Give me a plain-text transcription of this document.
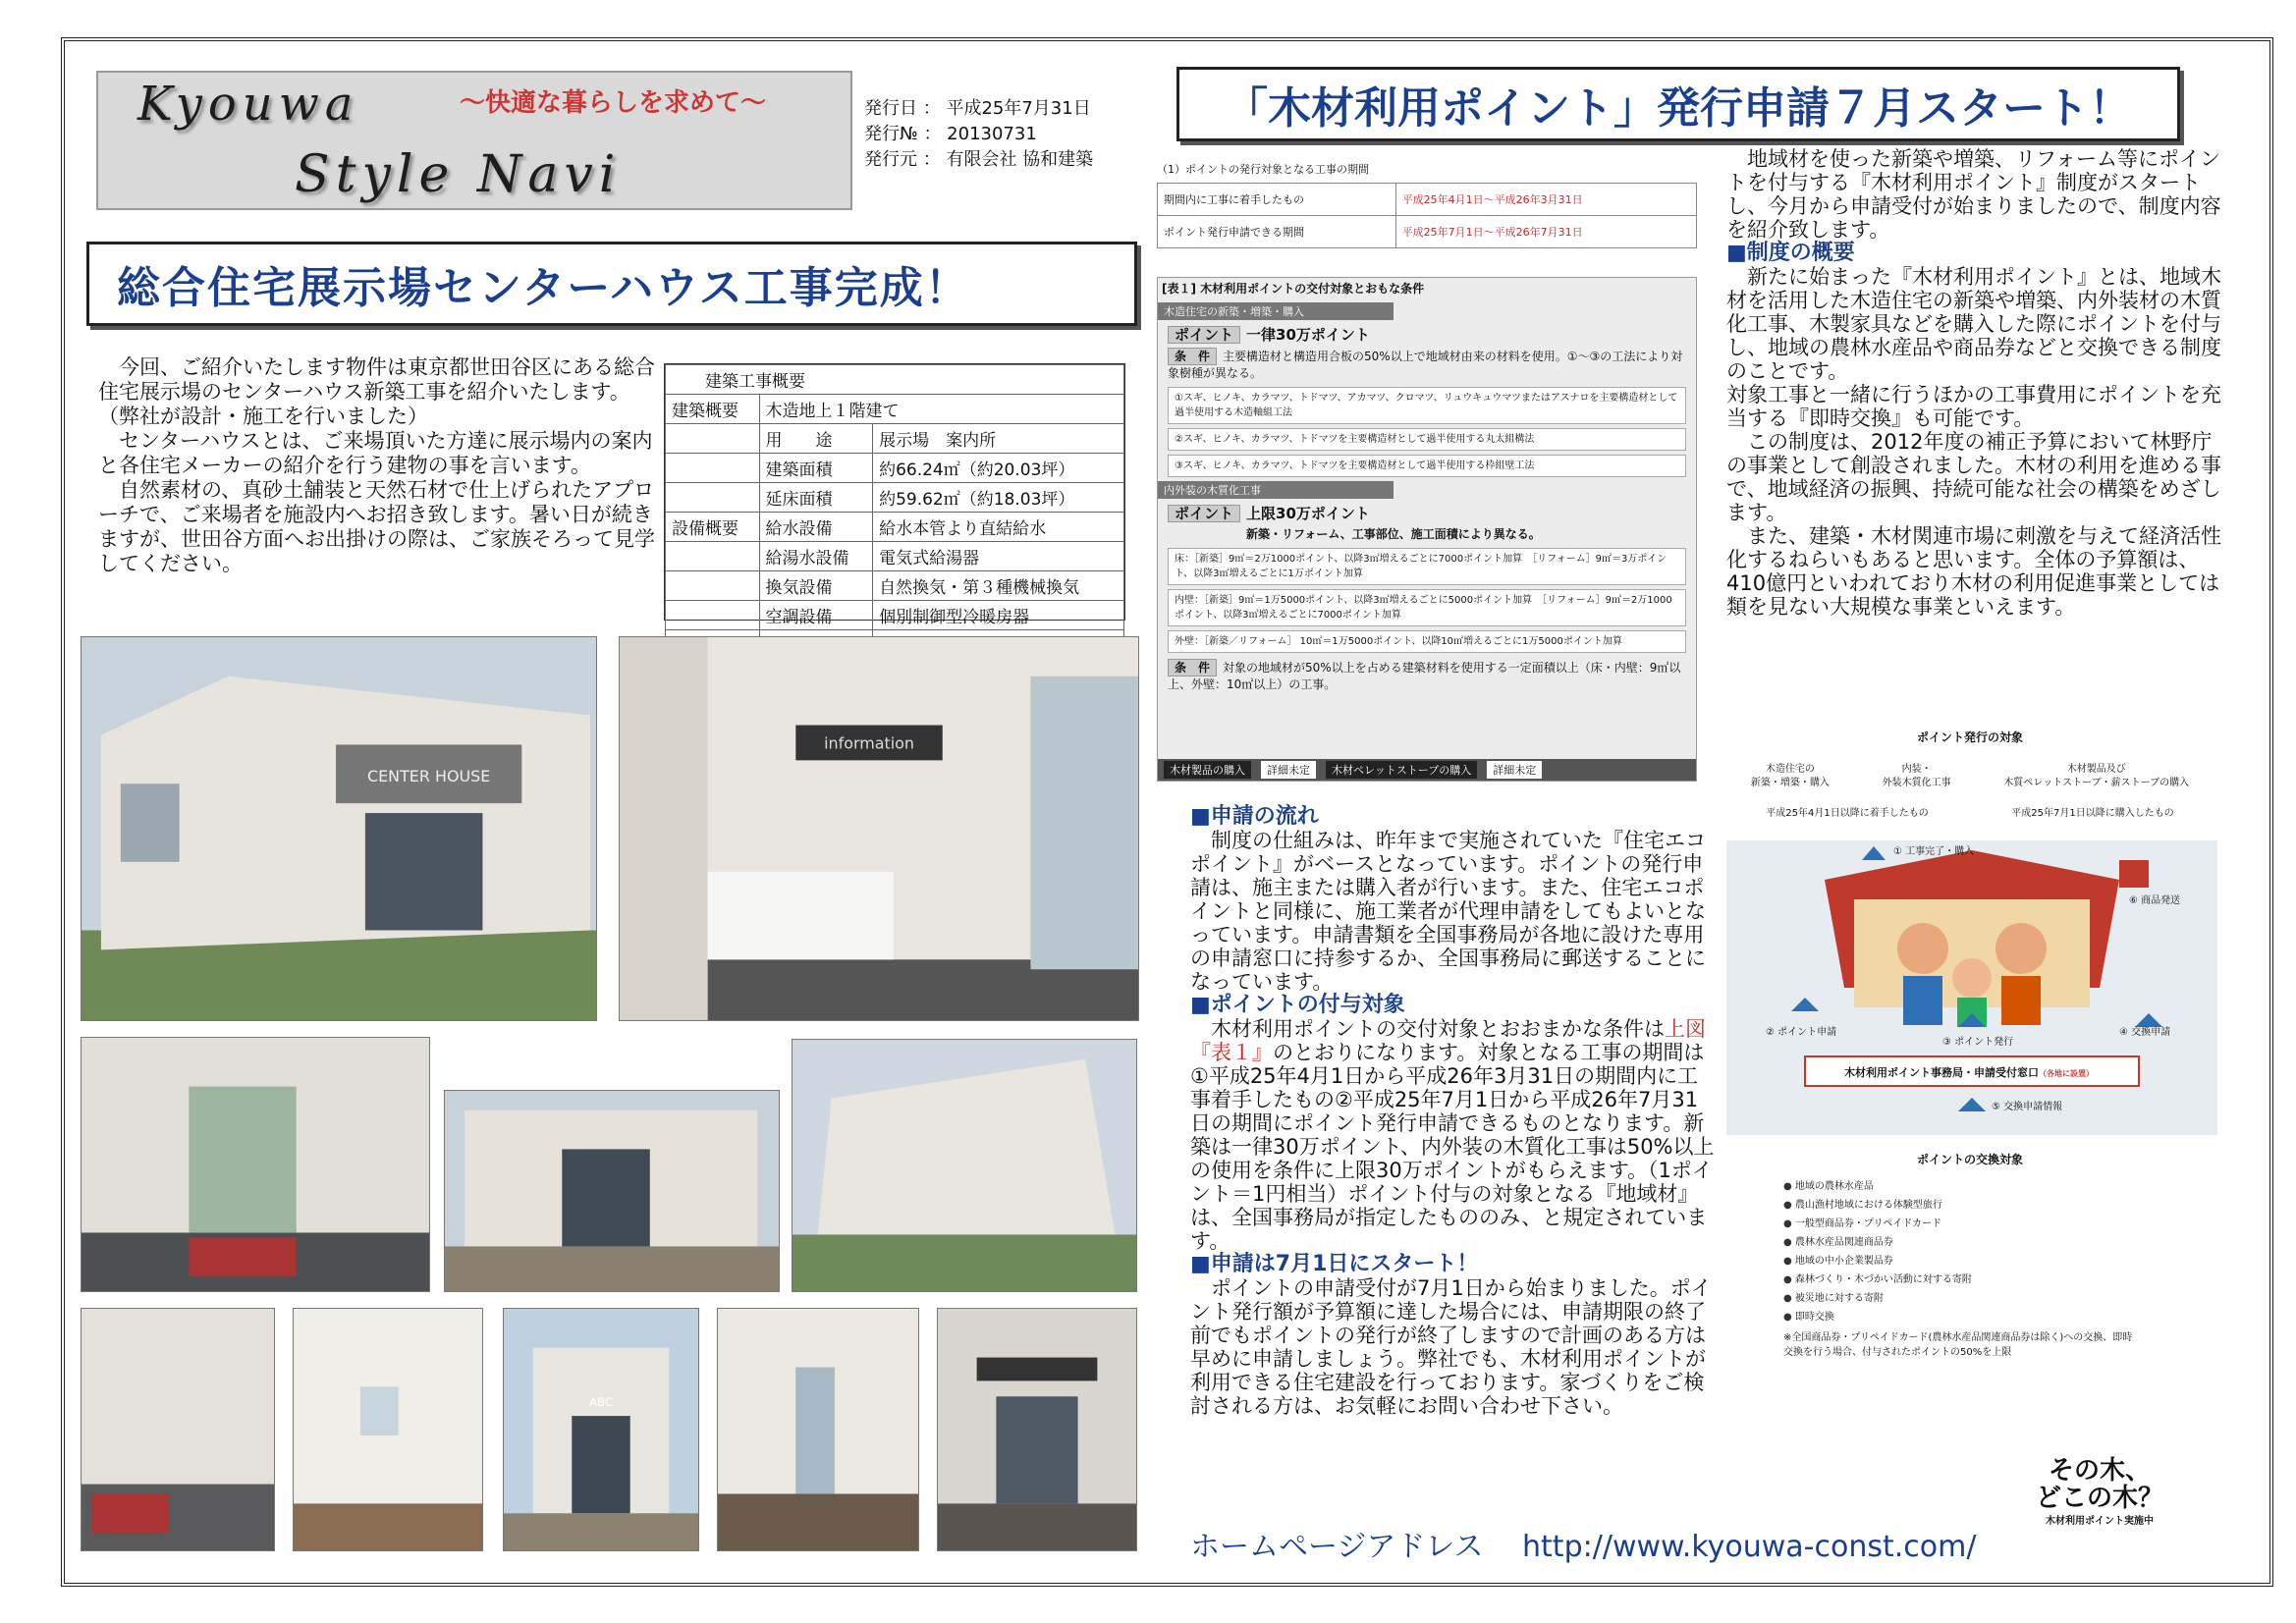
Kyouwa
Style Navi
～快適な暮らしを求めて～	発行日 ： 平成25年7月31日
発行№ ： 20130731
発行元 ： 有限会社 協和建築
総合住宅展示場センターハウス工事完成！

今回、ご紹介いたします物件は東京都世田谷区にある総合住宅展示場のセンターハウス新築工事を紹介いたします。（弊社が設計・施工を行いました）

センターハウスとは、ご来場頂いた方達に展示場内の案内と各住宅メーカーの紹介を行う建物の事を言います。

自然素材の、真砂土舗装と天然石材で仕上げられたアプローチで、ご来場者を施設内へお招き致します。暑い日が続きますが、世田谷方面へお出掛けの際は、ご家族そろって見学してください。

建築工事概要		
建築概要	木造地上１階建て	
	用　　途	展示場　案内所
	建築面積	約66.24㎡（約20.03坪）
	延床面積	約59.62㎡（約18.03坪）
設備概要	給水設備	給水本管より直結給水
	給湯水設備	電気式給湯器
	換気設備	自然換気・第３種機械換気
	空調設備	個別制御型冷暖房器

CENTER HOUSE
information
ABC
「木材利用ポイント」発行申請７月スタート！
（1）ポイントの発行対象となる工事の期間
期間内に工事に着手したもの	平成25年4月1日～平成26年3月31日
ポイント発行申請できる期間	平成25年7月1日～平成26年7月31日
[表１] 木材利用ポイントの交付対象とおもな条件
木造住宅の新築・増築・購入
ポイント 一律30万ポイント
条　件 主要構造材と構造用合板の50%以上で地域材由来の材料を使用。①～③の工法により対象樹種が異なる。
①スギ、ヒノキ、カラマツ、トドマツ、アカマツ、クロマツ、リュウキュウマツまたはアスナロを主要構造材として過半使用する木造軸組工法
②スギ、ヒノキ、カラマツ、トドマツを主要構造材として過半使用する丸太組構法
③スギ、ヒノキ、カラマツ、トドマツを主要構造材として過半使用する枠組壁工法
内外装の木質化工事
ポイント 上限30万ポイント
新築・リフォーム、工事部位、施工面積により異なる。
床：［新築］9㎡＝2万1000ポイント、以降3㎡増えるごとに7000ポイント加算　［リフォーム］9㎡＝3万ポイント、以降3㎡増えるごとに1万ポイント加算
内壁：［新築］9㎡＝1万5000ポイント、以降3㎡増えるごとに5000ポイント加算　［リフォーム］9㎡＝2万1000ポイント、以降3㎡増えるごとに7000ポイント加算
外壁：［新築／リフォーム］ 10㎡＝1万5000ポイント、以降10㎡増えるごとに1万5000ポイント加算
条　件 対象の地域材が50%以上を占める建築材料を使用する一定面積以上（床・内壁：9㎡以上、外壁：10㎡以上）の工事。
木材製品の購入	詳細未定	木材ペレットストーブの購入	詳細未定
■申請の流れ

制度の仕組みは、昨年まで実施されていた『住宅エコポイント』がベースとなっています。ポイントの発行申請は、施主または購入者が行います。また、住宅エコポイントと同様に、施工業者が代理申請をしてもよいとなっています。申請書類を全国事務局が各地に設けた専用の申請窓口に持参するか、全国事務局に郵送することになっています。

■ポイントの付与対象

木材利用ポイントの交付対象とおおまかな条件は上図『表１』のとおりになります。対象となる工事の期間は①平成25年4月1日から平成26年3月31日の期間内に工事着手したもの②平成25年7月1日から平成26年7月31日の期間にポイント発行申請できるものとなります。新築は一律30万ポイント、内外装の木質化工事は50%以上の使用を条件に上限30万ポイントがもらえます。（1ポイント＝1円相当）ポイント付与の対象となる『地域材』は、全国事務局が指定したもののみ、と規定されています。

■申請は7月1日にスタート！

ポイントの申請受付が7月1日から始まりました。ポイント発行額が予算額に達した場合には、申請期限の終了前でもポイントの発行が終了しますので計画のある方は早めに申請しましょう。弊社でも、木材利用ポイントが利用できる住宅建設を行っております。家づくりをご検討される方は、お気軽にお問い合わせ下さい。

地域材を使った新築や増築、リフォーム等にポイントを付与する『木材利用ポイント』制度がスタートし、今月から申請受付が始まりましたので、制度内容を紹介致します。

■制度の概要

新たに始まった『木材利用ポイント』とは、地域木材を活用した木造住宅の新築や増築、内外装材の木質化工事、木製家具などを購入した際にポイントを付与し、地域の農林水産品や商品券などと交換できる制度のことです。

対象工事と一緒に行うほかの工事費用にポイントを充当する『即時交換』も可能です。

この制度は、2012年度の補正予算において林野庁の事業として創設されました。木材の利用を進める事で、地域経済の振興、持続可能な社会の構築をめざします。

また、建築・木材関連市場に刺激を与えて経済活性化するねらいもあると思います。全体の予算額は、410億円といわれており木材の利用促進事業としては類を見ない大規模な事業といえます。

ポイント発行の対象
木造住宅の
新築・増築・購入
内装・
外装木質化工事
木材製品及び
木質ペレットストーブ・薪ストーブの購入
平成25年4月1日以降に着手したもの	平成25年7月1日以降に購入したもの
① 工事完了・購入
⑥ 商品発送
② ポイント申請
③ ポイント発行
④ 交換申請
木材利用ポイント事務局・申請受付窓口（各地に設置）
⑤ 交換申請情報
ポイントの交換対象
● 地域の農林水産品
● 農山漁村地域における体験型旅行
● 一般型商品券・プリペイドカード
● 農林水産品関連商品券
● 地域の中小企業製品券
● 森林づくり・木づかい活動に対する寄附
● 被災地に対する寄附
● 即時交換
※全国商品券・プリペイドカード(農林水産品関連商品券は除く)への交換、即時交換を行う場合、付与されたポイントの50%を上限
その木、
どこの木？
木材利用ポイント実施中
ホームページアドレス　 http://www.kyouwa-const.com/
